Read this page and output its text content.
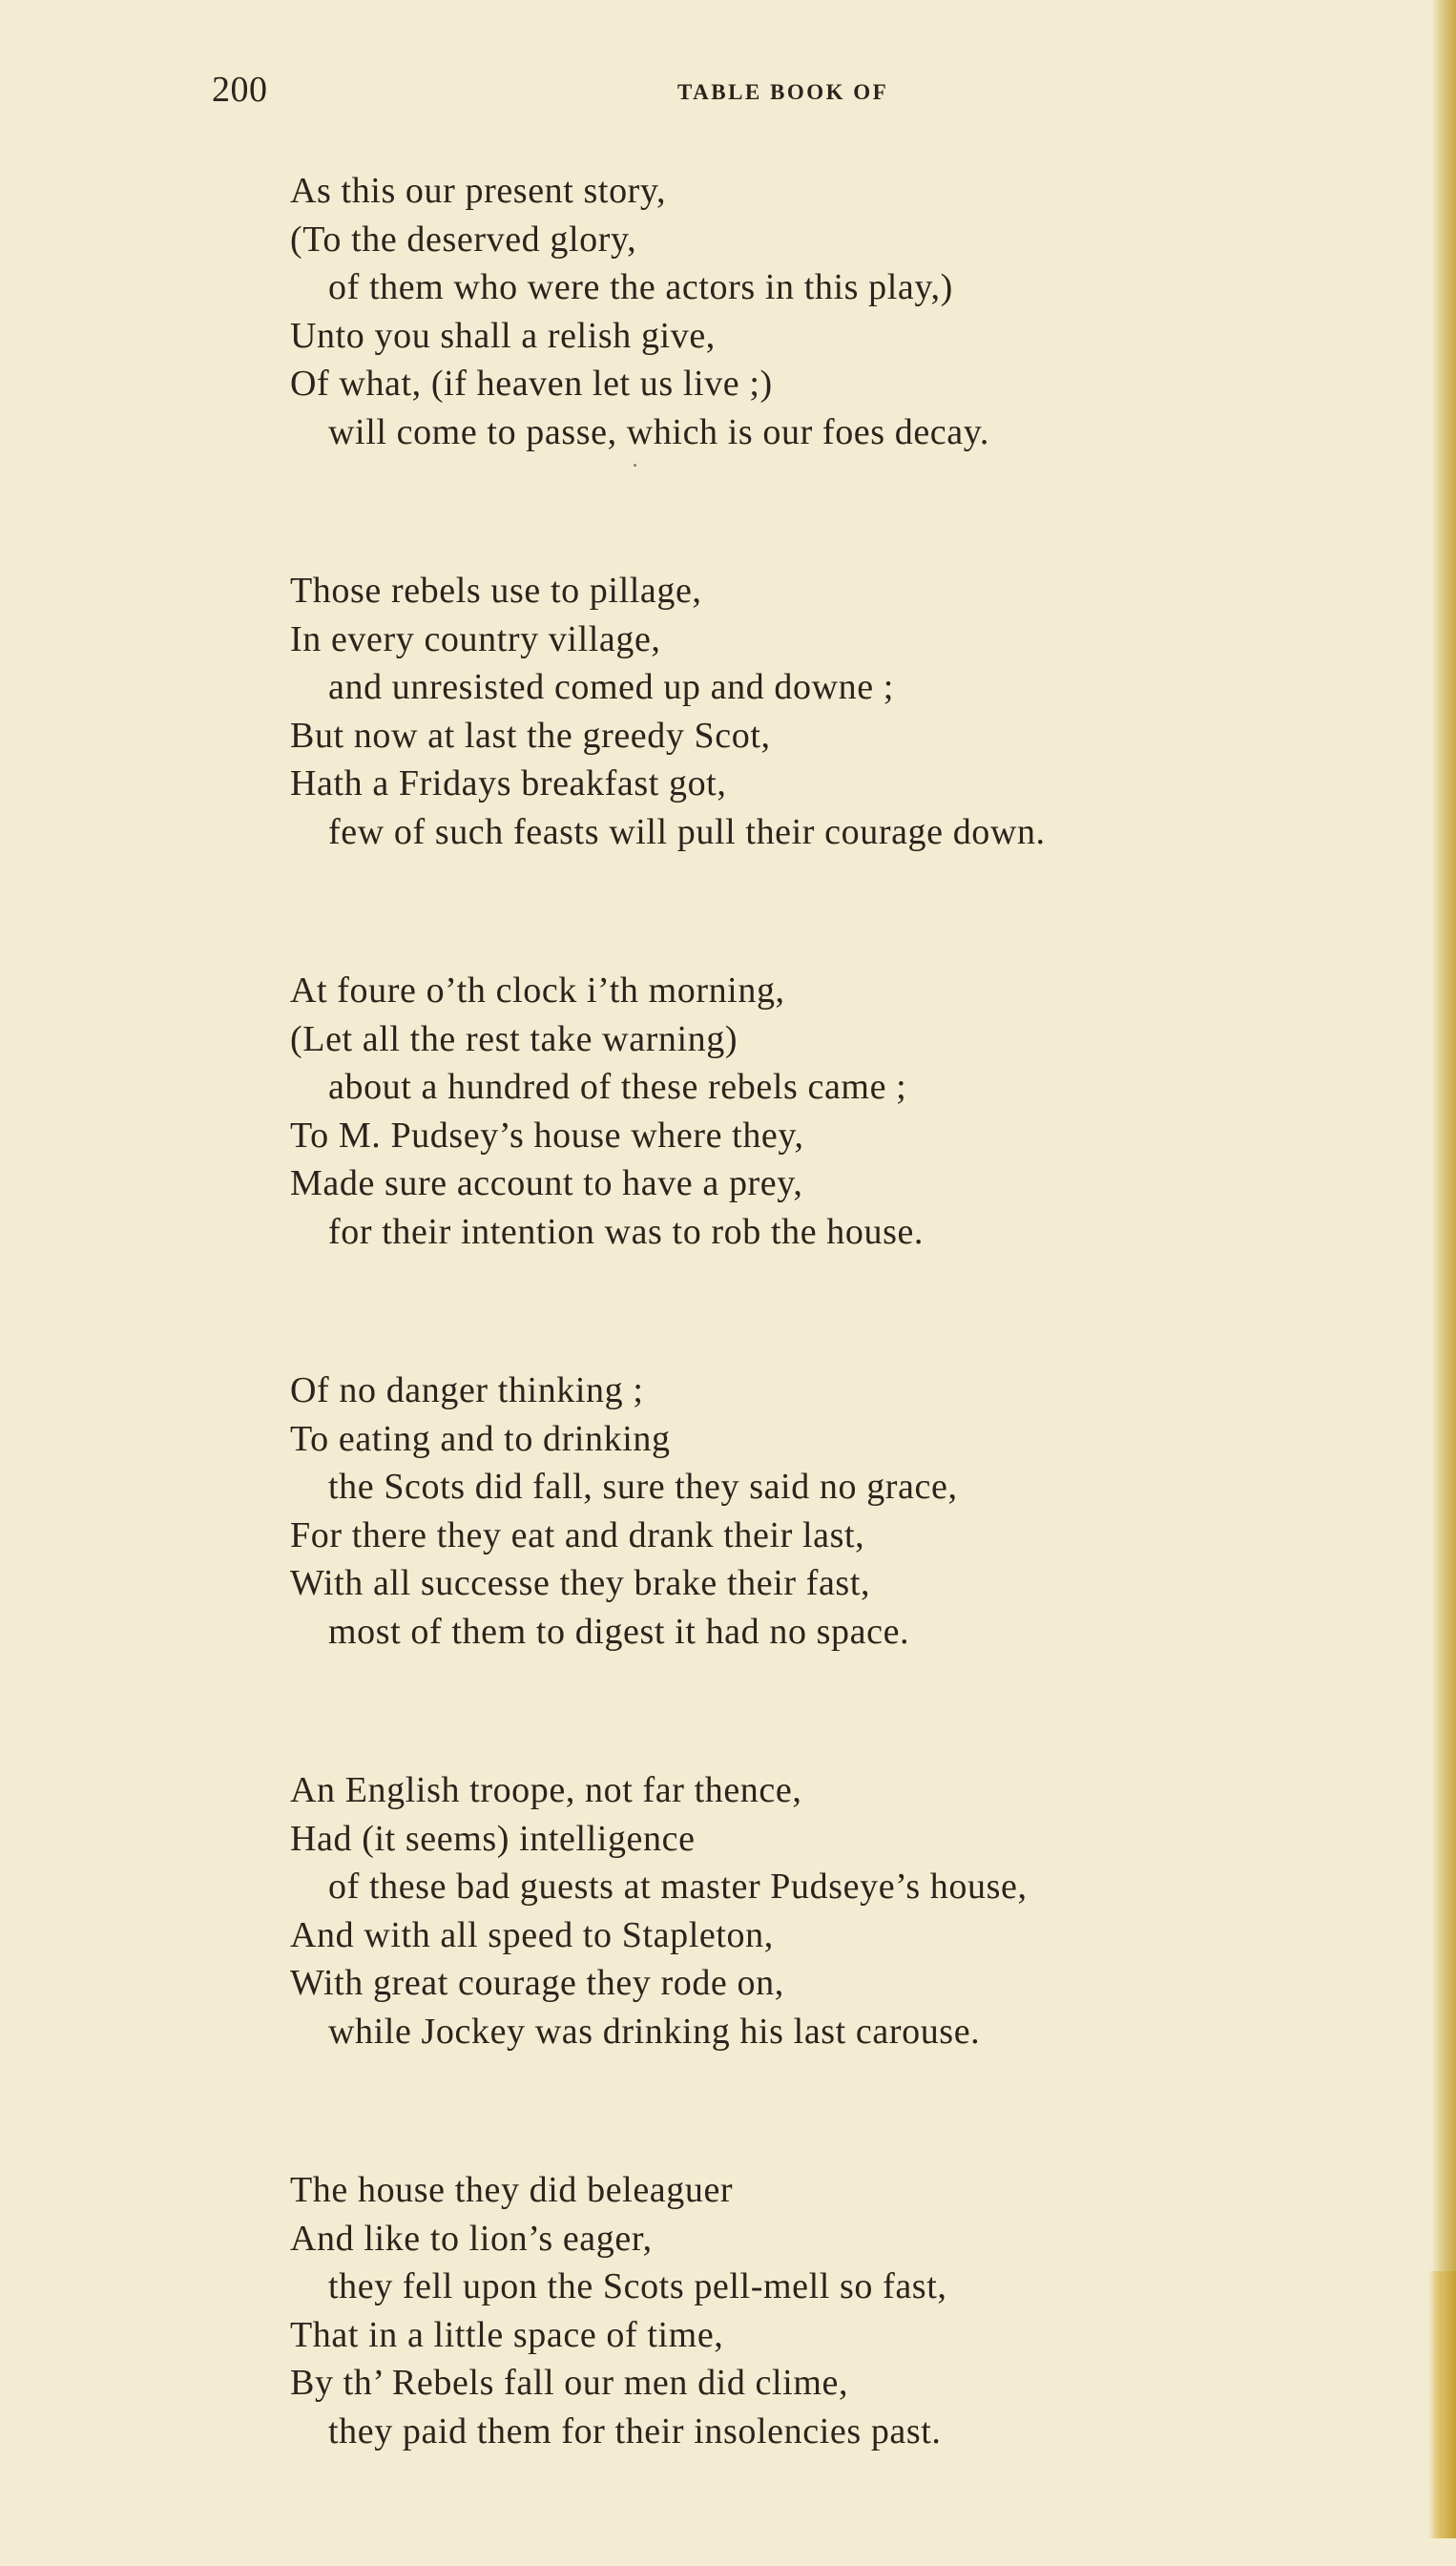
200	TABLE BOOK OF
As this our present story,
(To the deserved glory,
of them who were the actors in this play,)
Unto you shall a relish give,
Of what, (if heaven let us live ;)
will come to passe, which is our foes decay.
Those rebels use to pillage,
In every country village,
and unresisted comed up and downe ;
But now at last the greedy Scot,
Hath a Fridays breakfast got,
few of such feasts will pull their courage down.
At foure o’th clock i’th morning,
(Let all the rest take warning)
about a hundred of these rebels came ;
To M. Pudsey’s house where they,
Made sure account to have a prey,
for their intention was to rob the house.
Of no danger thinking ;
To eating and to drinking
the Scots did fall, sure they said no grace,
For there they eat and drank their last,
With all successe they brake their fast,
most of them to digest it had no space.
An English troope, not far thence,
Had (it seems) intelligence
of these bad guests at master Pudseye’s house,
And with all speed to Stapleton,
With great courage they rode on,
while Jockey was drinking his last carouse.
The house they did beleaguer
And like to lion’s eager,
they fell upon the Scots pell-mell so fast,
That in a little space of time,
By th’ Rebels fall our men did clime,
they paid them for their insolencies past.
